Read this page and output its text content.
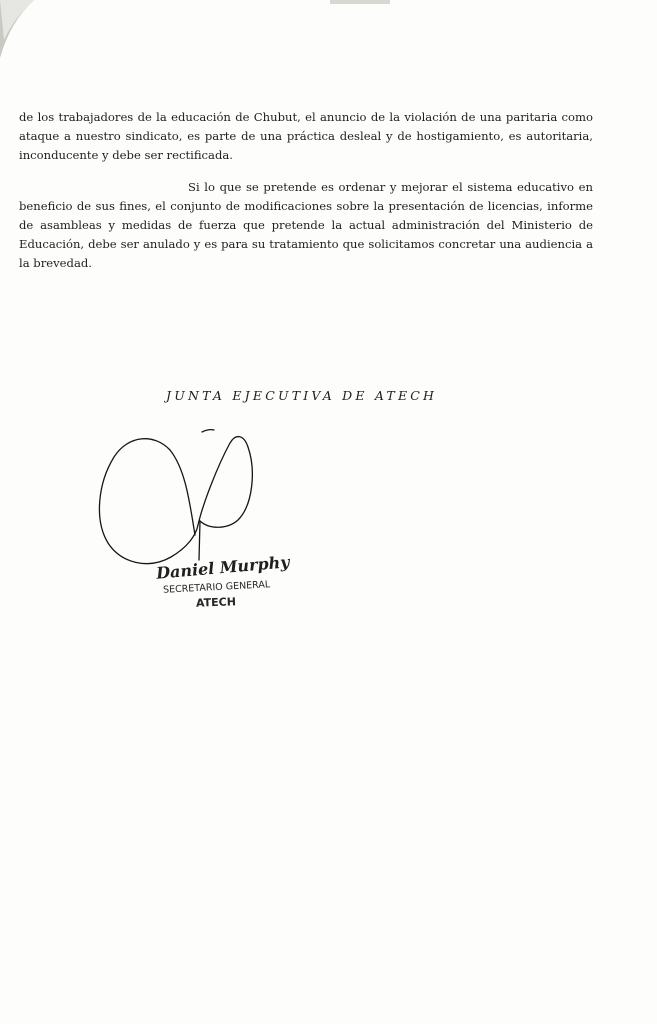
de los trabajadores de la educación de Chubut, el anuncio de la violación de una paritaria como ataque a nuestro sindicato, es parte de una práctica desleal y de hostigamiento, es autoritaria, inconducente y debe ser rectificada.

Si lo que se pretende es ordenar y mejorar el sistema educativo en beneficio de sus fines, el conjunto de modificaciones sobre la presentación de licencias, informe de asambleas y medidas de fuerza que pretende la actual administración del Ministerio de Educación, debe ser anulado y es para su tratamiento que solicitamos concretar una audiencia a la brevedad.

JUNTA EJECUTIVA DE ATECH
Daniel Murphy
SECRETARIO GENERAL
ATECH
